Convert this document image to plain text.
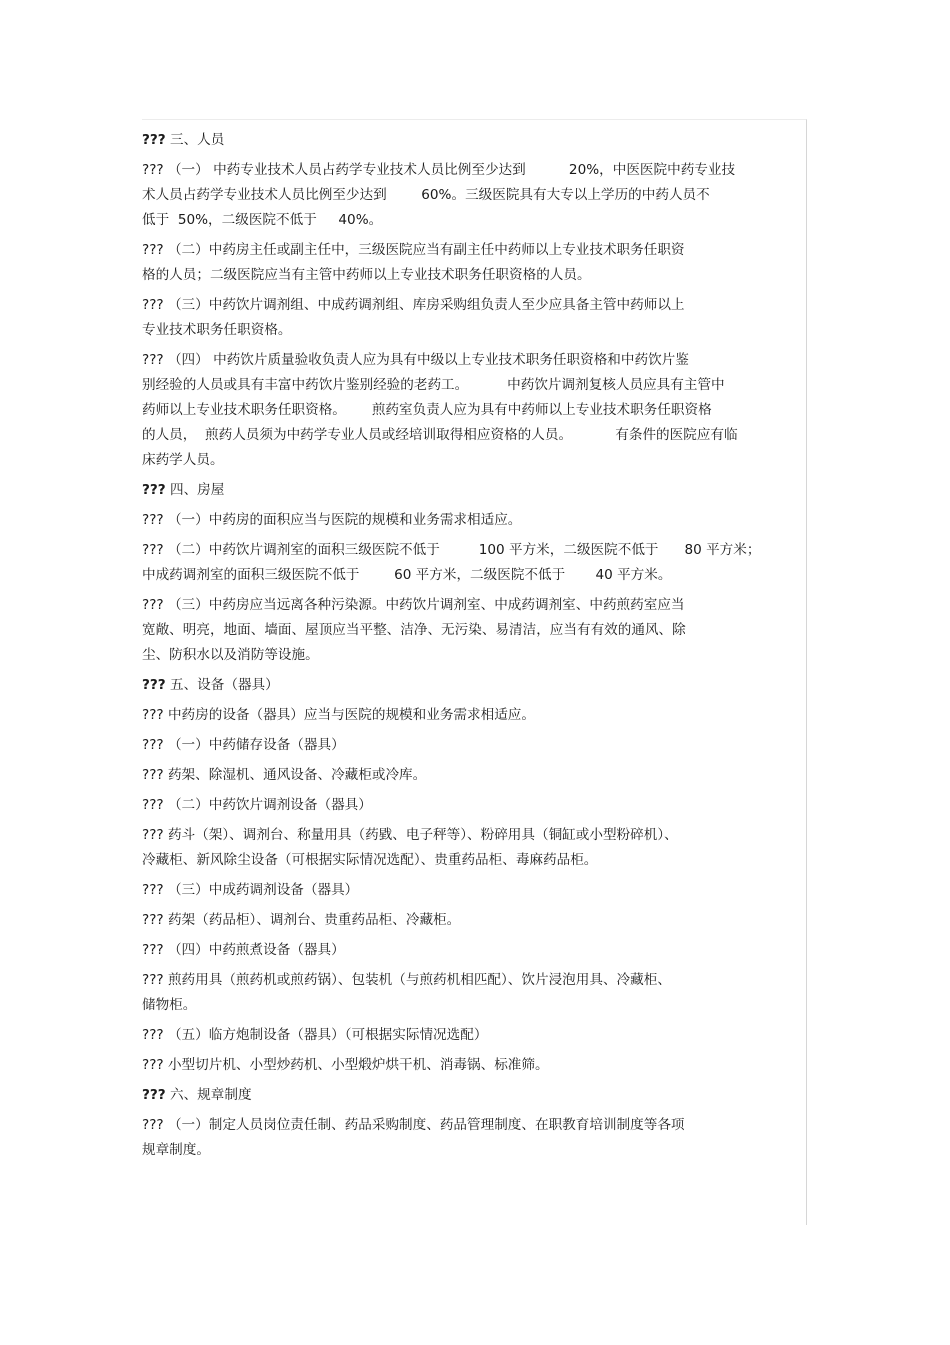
??? 三、人员
??? （一） 中药专业技术人员占药学专业技术人员比例至少达到          20%，中医医院中药专业技
术人员占药学专业技术人员比例至少达到        60%。三级医院具有大专以上学历的中药人员不
低于  50%，二级医院不低于     40%。
??? （二）中药房主任或副主任中，三级医院应当有副主任中药师以上专业技术职务任职资
格的人员；二级医院应当有主管中药师以上专业技术职务任职资格的人员。
??? （三）中药饮片调剂组、中成药调剂组、库房采购组负责人至少应具备主管中药师以上
专业技术职务任职资格。
??? （四） 中药饮片质量验收负责人应为具有中级以上专业技术职务任职资格和中药饮片鉴
别经验的人员或具有丰富中药饮片鉴别经验的老药工。         中药饮片调剂复核人员应具有主管中
药师以上专业技术职务任职资格。      煎药室负责人应为具有中药师以上专业技术职务任职资格
的人员，  煎药人员须为中药学专业人员或经培训取得相应资格的人员。          有条件的医院应有临
床药学人员。
??? 四、房屋
??? （一）中药房的面积应当与医院的规模和业务需求相适应。
??? （二）中药饮片调剂室的面积三级医院不低于         100 平方米，二级医院不低于      80 平方米；
中成药调剂室的面积三级医院不低于        60 平方米，二级医院不低于       40 平方米。
??? （三）中药房应当远离各种污染源。中药饮片调剂室、中成药调剂室、中药煎药室应当
宽敞、明亮，地面、墙面、屋顶应当平整、洁净、无污染、易清洁，应当有有效的通风、除
尘、防积水以及消防等设施。
??? 五、设备（器具）
??? 中药房的设备（器具）应当与医院的规模和业务需求相适应。
??? （一）中药储存设备（器具）
??? 药架、除湿机、通风设备、冷藏柜或冷库。
??? （二）中药饮片调剂设备（器具）
??? 药斗（架）、调剂台、称量用具（药戥、电子秤等）、粉碎用具（铜缸或小型粉碎机）、
冷藏柜、新风除尘设备（可根据实际情况选配）、贵重药品柜、毒麻药品柜。
??? （三）中成药调剂设备（器具）
??? 药架（药品柜）、调剂台、贵重药品柜、冷藏柜。
??? （四）中药煎煮设备（器具）
??? 煎药用具（煎药机或煎药锅）、包装机（与煎药机相匹配）、饮片浸泡用具、冷藏柜、
储物柜。
??? （五）临方炮制设备（器具）（可根据实际情况选配）
??? 小型切片机、小型炒药机、小型煅炉烘干机、消毒锅、标准筛。
??? 六、规章制度
??? （一）制定人员岗位责任制、药品采购制度、药品管理制度、在职教育培训制度等各项
规章制度。
